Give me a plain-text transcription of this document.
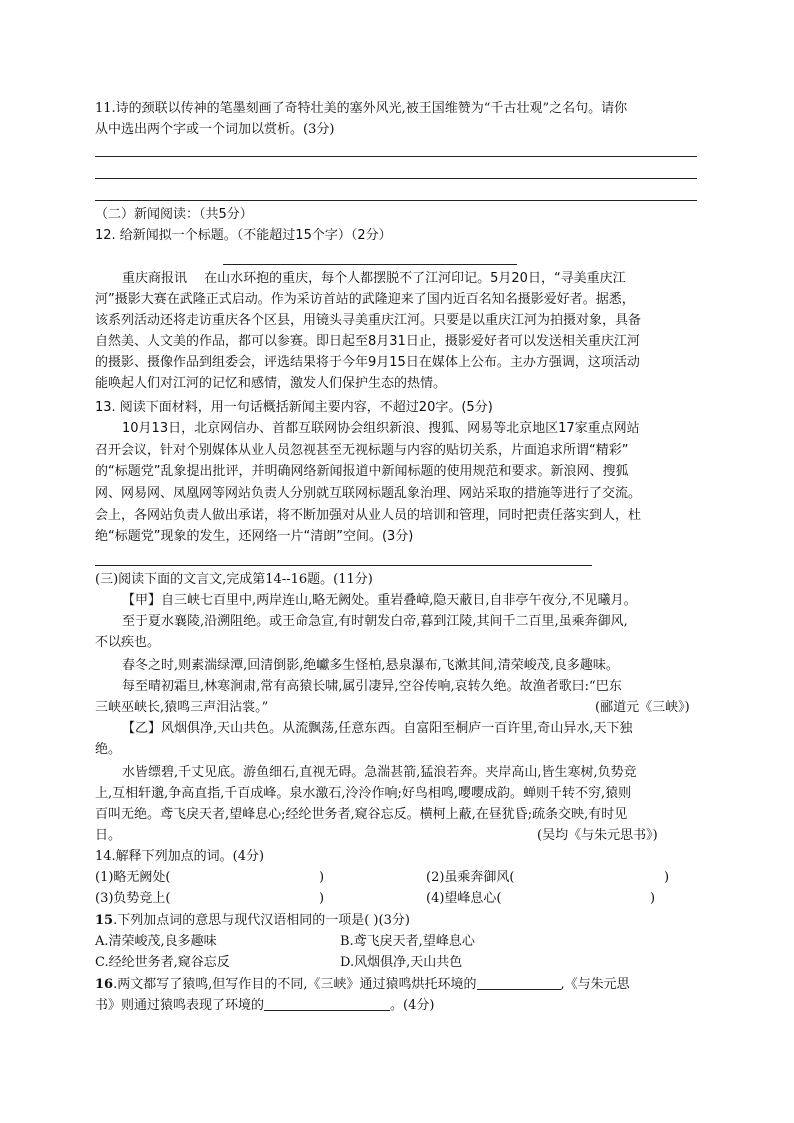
11.诗的颈联以传神的笔墨刻画了奇特壮美的塞外风光,被王国维赞为“千古壮观”之名句。请你
从中选出两个字或一个词加以赏析。(3分)
（二）新闻阅读：（共5分）
12. 给新闻拟一个标题。（不能超过15个字）（2分）
重庆商报讯　 在山水环抱的重庆，每个人都摆脱不了江河印记。5月20日，“寻美重庆江
河”摄影大赛在武隆正式启动。作为采访首站的武隆迎来了国内近百名知名摄影爱好者。据悉，
该系列活动还将走访重庆各个区县，用镜头寻美重庆江河。只要是以重庆江河为拍摄对象，具备
自然美、人文美的作品，都可以参赛。即日起至8月31日止，摄影爱好者可以发送相关重庆江河
的摄影、摄像作品到组委会，评选结果将于今年9月15日在媒体上公布。主办方强调，这项活动
能唤起人们对江河的记忆和感情，激发人们保护生态的热情。
13. 阅读下面材料，用一句话概括新闻主要内容，不超过20字。(5分)
10月13日，北京网信办、首都互联网协会组织新浪、搜狐、网易等北京地区17家重点网站
召开会议，针对个别媒体从业人员忽视甚至无视标题与内容的贴切关系，片面追求所谓“精彩”
的“标题党”乱象提出批评，并明确网络新闻报道中新闻标题的使用规范和要求。新浪网、搜狐
网、网易网、凤凰网等网站负责人分别就互联网标题乱象治理、网站采取的措施等进行了交流。
会上，各网站负责人做出承诺，将不断加强对从业人员的培训和管理，同时把责任落实到人，杜
绝“标题党”现象的发生，还网络一片“清朗”空间。(3分)
(三)阅读下面的文言文,完成第14--16题。(11分)
【甲】自三峡七百里中,两岸连山,略无阙处。重岩叠嶂,隐天蔽日,自非亭午夜分,不见曦月。
至于夏水襄陵,沿溯阻绝。或王命急宣,有时朝发白帝,暮到江陵,其间千二百里,虽乘奔御风,
不以疾也。
春冬之时,则素湍绿潭,回清倒影,绝巘多生怪柏,悬泉瀑布,飞漱其间,清荣峻茂,良多趣味。
每至晴初霜旦,林寒涧肃,常有高猿长啸,属引凄异,空谷传响,哀转久绝。故渔者歌曰:“巴东
三峡巫峡长,猿鸣三声泪沾裳。”	(郦道元《三峡》)
【乙】风烟俱净,天山共色。从流飘荡,任意东西。自富阳至桐庐一百许里,奇山异水,天下独
绝。
水皆缥碧,千丈见底。游鱼细石,直视无碍。急湍甚箭,猛浪若奔。夹岸高山,皆生寒树,负势竞
上,互相轩邈,争高直指,千百成峰。泉水激石,泠泠作响;好鸟相鸣,嘤嘤成韵。蝉则千转不穷,猿则
百叫无绝。鸢飞戾天者,望峰息心;经纶世务者,窥谷忘反。横柯上蔽,在昼犹昏;疏条交映,有时见
日。	(吴均《与朱元思书》)
14.解释下列加点的词。(4分)
(1)略无阙处(	)	(2)虽乘奔御风(	)
(3)负势竞上(	)	(4)望峰息心(	)
15.下列加点词的意思与现代汉语相同的一项是( )(3分)
A.清荣峻茂,良多趣味	B.鸢飞戾天者,望峰息心
C.经纶世务者,窥谷忘反	D.风烟俱净,天山共色
16.两文都写了猿鸣,但写作目的不同,《三峡》通过猿鸣烘托环境的	,《与朱元思
书》则通过猿鸣表现了环境的	。(4分)
